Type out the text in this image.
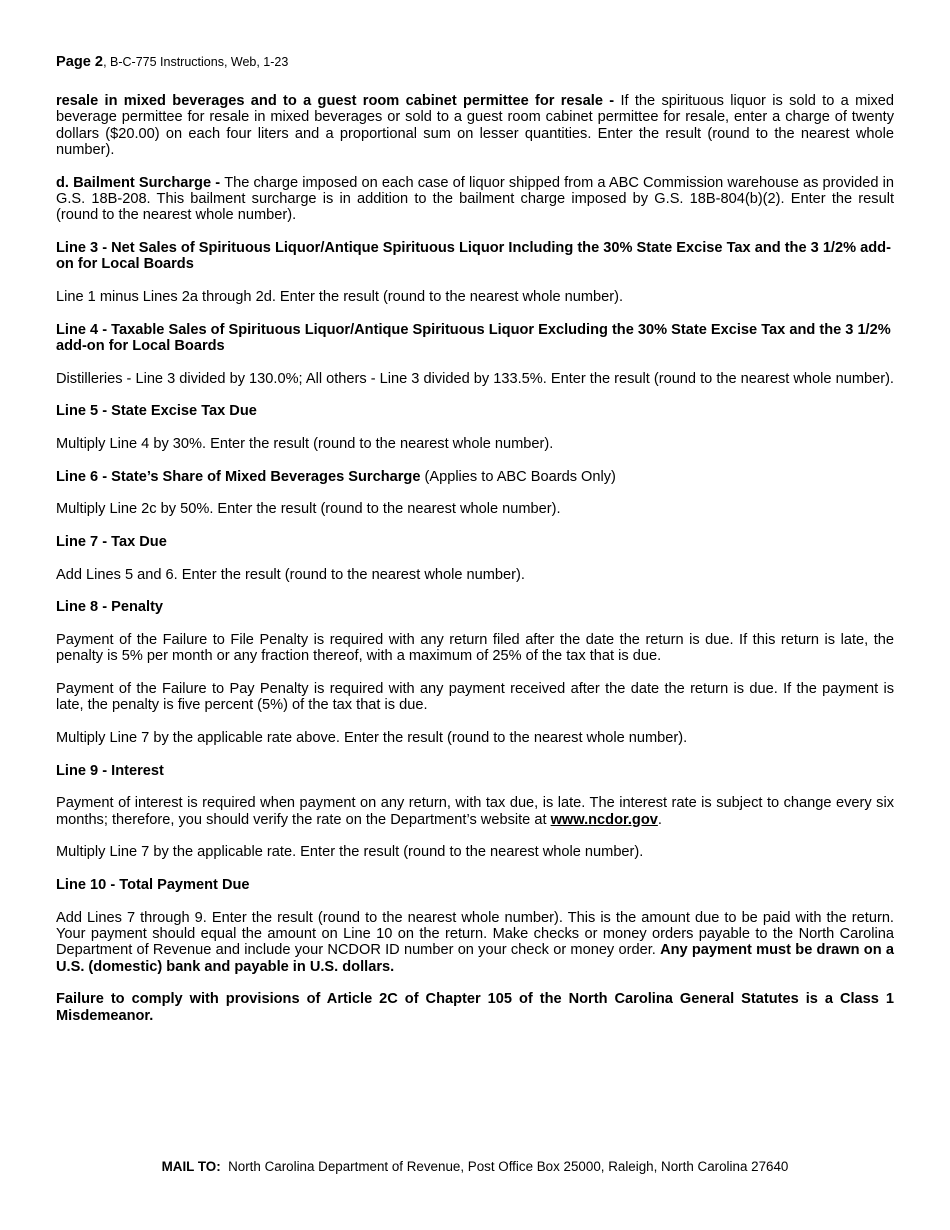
Page 2, B-C-775 Instructions, Web, 1-23

resale in mixed beverages and to a guest room cabinet permittee for resale - If the spirituous liquor is sold to a mixed beverage permittee for resale in mixed beverages or sold to a guest room cabinet permittee for resale, enter a charge of twenty dollars ($20.00) on each four liters and a proportional sum on lesser quantities. Enter the result (round to the nearest whole number).

d. Bailment Surcharge - The charge imposed on each case of liquor shipped from a ABC Commission warehouse as provided in G.S. 18B-208. This bailment surcharge is in addition to the bailment charge imposed by G.S. 18B-804(b)(2). Enter the result (round to the nearest whole number).

Line 3 - Net Sales of Spirituous Liquor/Antique Spirituous Liquor Including the 30% State Excise Tax and the 3 1/2% add-on for Local Boards

Line 1 minus Lines 2a through 2d. Enter the result (round to the nearest whole number).

Line 4 - Taxable Sales of Spirituous Liquor/Antique Spirituous Liquor Excluding the 30% State Excise Tax and the 3 1/2% add-on for Local Boards

Distilleries - Line 3 divided by 130.0%; All others - Line 3 divided by 133.5%. Enter the result (round to the nearest whole number).

Line 5 - State Excise Tax Due

Multiply Line 4 by 30%. Enter the result (round to the nearest whole number).

Line 6 - State’s Share of Mixed Beverages Surcharge (Applies to ABC Boards Only)

Multiply Line 2c by 50%. Enter the result (round to the nearest whole number).

Line 7 - Tax Due

Add Lines 5 and 6. Enter the result (round to the nearest whole number).

Line 8 - Penalty

Payment of the Failure to File Penalty is required with any return filed after the date the return is due. If this return is late, the penalty is 5% per month or any fraction thereof, with a maximum of 25% of the tax that is due.

Payment of the Failure to Pay Penalty is required with any payment received after the date the return is due. If the payment is late, the penalty is five percent (5%) of the tax that is due.

Multiply Line 7 by the applicable rate above. Enter the result (round to the nearest whole number).

Line 9 - Interest

Payment of interest is required when payment on any return, with tax due, is late. The interest rate is subject to change every six months; therefore, you should verify the rate on the Department’s website at www.ncdor.gov.

Multiply Line 7 by the applicable rate. Enter the result (round to the nearest whole number).

Line 10 - Total Payment Due

Add Lines 7 through 9. Enter the result (round to the nearest whole number). This is the amount due to be paid with the return. Your payment should equal the amount on Line 10 on the return. Make checks or money orders payable to the North Carolina Department of Revenue and include your NCDOR ID number on your check or money order. Any payment must be drawn on a U.S. (domestic) bank and payable in U.S. dollars.

Failure to comply with provisions of Article 2C of Chapter 105 of the North Carolina General Statutes is a Class 1 Misdemeanor.

MAIL TO: North Carolina Department of Revenue, Post Office Box 25000, Raleigh, North Carolina 27640
